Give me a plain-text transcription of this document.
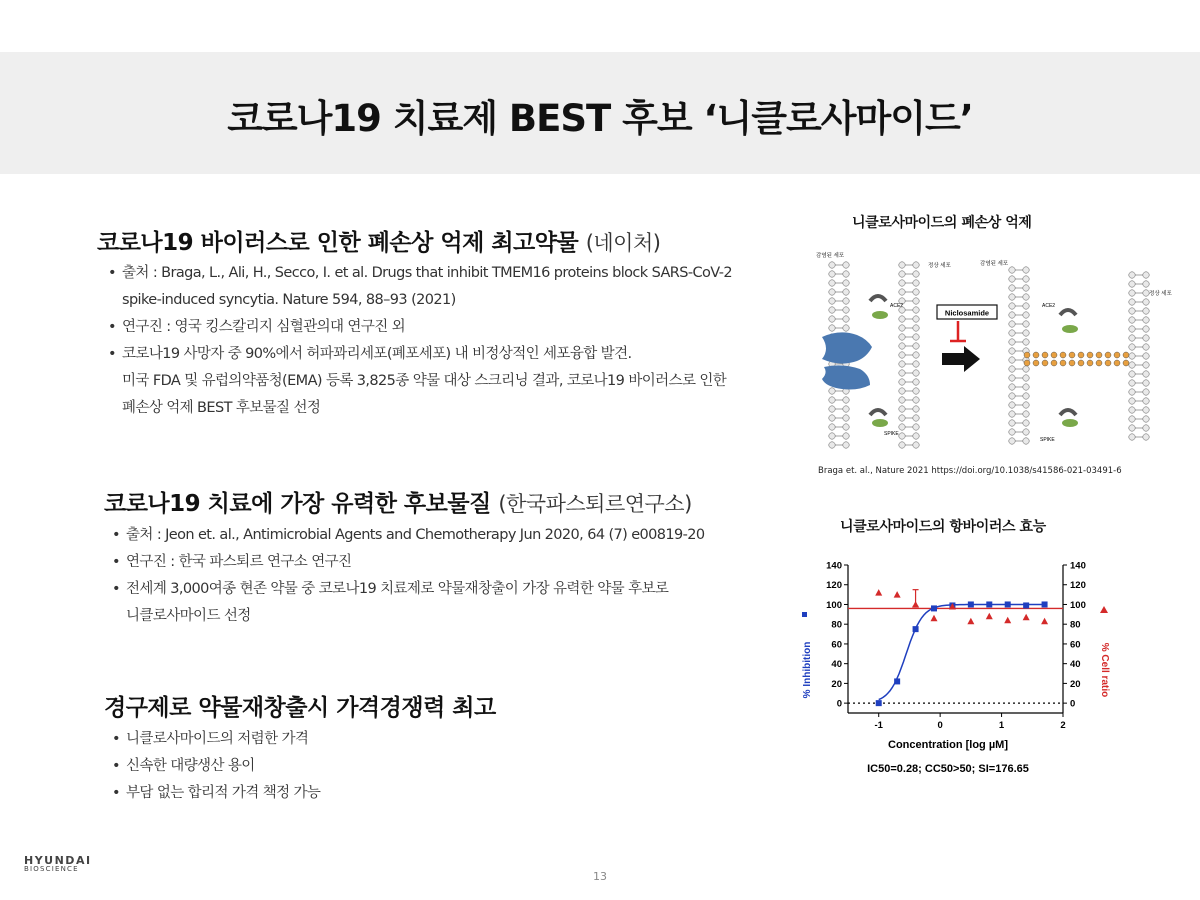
코로나19 치료제 BEST 후보 ‘니클로사마이드’
코로나19 바이러스로 인한 폐손상 억제 최고약물 (네이처)
• 출처 : Braga, L., Ali, H., Secco, I. et al. Drugs that inhibit TMEM16 proteins block SARS-CoV-2
spike-induced syncytia. Nature 594, 88–93 (2021)
• 연구진 : 영국 킹스칼리지 심혈관의대 연구진 외
• 코로나19 사망자 중 90%에서 허파꽈리세포(폐포세포) 내 비정상적인 세포융합 발견.
미국 FDA 및 유럽의약품청(EMA) 등록 3,825종 약물 대상 스크리닝 결과, 코로나19 바이러스로 인한
폐손상 억제 BEST 후보물질 선정
코로나19 치료에 가장 유력한 후보물질 (한국파스퇴르연구소)
• 출처 : Jeon et. al., Antimicrobial Agents and Chemotherapy Jun 2020, 64 (7) e00819-20
• 연구진 : 한국 파스퇴르 연구소 연구진
• 전세계 3,000여종 현존 약물 중 코로나19 치료제로 약물재창출이 가장 유력한 약물 후보로
니클로사마이드 선정
경구제로 약물재창출시 가격경쟁력 최고
• 니클로사마이드의 저렴한 가격
• 신속한 대량생산 용이
• 부담 없는 합리적 가격 책정 가능
니클로사마이드의 폐손상 억제
감염된 세포
정상 세포	감염된 세포
정상 세포
ACE2
SPIKE
ACE2
SPIKE
Niclosamide
Braga et. al., Nature 2021 https://doi.org/10.1038/s41586-021-03491-6
니클로사마이드의 항바이러스 효능
Concentration [log µM]
% Inhibition	% Cell ratio
IC50=0.28; CC50>50; SI=176.65
0	0
20	20
40	40
60	60
80	80
100	100
120	120
140	140
-1	0	1	2
HYUNDAI
BIOSCIENCE
13
